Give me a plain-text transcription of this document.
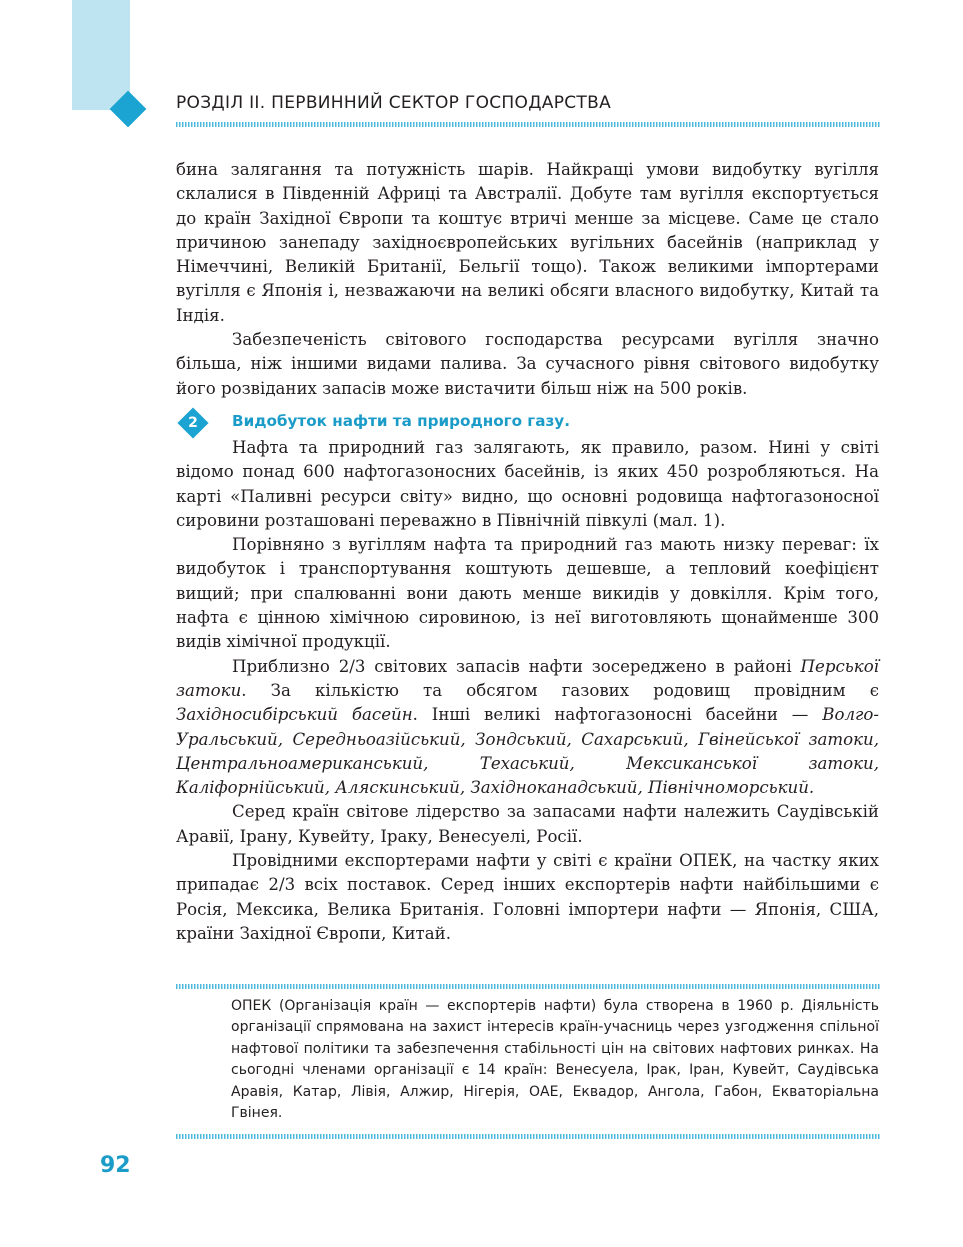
РОЗДІЛ ІІ. ПЕРВИННИЙ СЕКТОР ГОСПОДАРСТВА

бина залягання та потужність шарів. Найкращі умови видобутку вугілля склалися в Південній Африці та Австралії. Добуте там вугілля експортується до країн Західної Європи та коштує втричі менше за місцеве. Саме це стало причиною занепаду західноєвропейських вугільних басейнів (наприклад у Німеччині, Великій Британії, Бельгії тощо). Також великими імпортерами вугілля є Японія і, незважаючи на великі обсяги власного видобутку, Китай та Індія.

Забезпеченість світового господарства ресурсами вугілля значно більша, ніж іншими видами палива. За сучасного рівня світового видобутку його розвіданих запасів може вистачити більш ніж на 500 років.

2	Видобуток нафти та природного газу.

Нафта та природний газ залягають, як правило, разом. Нині у світі відомо понад 600 нафтогазоносних басейнів, із яких 450 розробляються. На карті «Паливні ресурси світу» видно, що основні родовища нафтогазоносної сировини розташовані переважно в Північній півкулі (мал. 1).

Порівняно з вугіллям нафта та природний газ мають низку переваг: їх видобуток і транспортування коштують дешевше, а тепловий коефіцієнт вищий; при спалюванні вони дають менше викидів у довкілля. Крім того, нафта є цінною хімічною сировиною, із неї виготовляють щонайменше 300 видів хімічної продукції.

Приблизно 2/3 світових запасів нафти зосереджено в районі Перської затоки. За кількістю та обсягом газових родовищ провідним є Західносибірський басейн. Інші великі нафтогазоносні басейни — Волго-Уральський, Середньоазійський, Зондський, Сахарський, Гвінейської затоки, Центральноамериканський, Техаський, Мексиканської затоки, Каліфорнійський, Аляскинський, Західноканадський, Північноморський.

Серед країн світове лідерство за запасами нафти належить Саудівській Аравії, Ірану, Кувейту, Іраку, Венесуелі, Росії.

Провідними експортерами нафти у світі є країни ОПЕК, на частку яких припадає 2/3 всіх поставок. Серед інших експортерів нафти найбільшими є Росія, Мексика, Велика Британія. Головні імпортери нафти — Японія, США, країни Західної Європи, Китай.

ОПЕК (Організація країн — експортерів нафти) була створена в 1960 р. Діяльність організації спрямована на захист інтересів країн-учасниць через узгодження спільної нафтової політики та забезпечення стабільності цін на світових нафтових ринках. На сьогодні членами організації є 14 країн: Венесуела, Ірак, Іран, Кувейт, Саудівська Аравія, Катар, Лівія, Алжир, Нігерія, ОАЕ, Еквадор, Ангола, Габон, Екваторіальна Гвінея.
92
